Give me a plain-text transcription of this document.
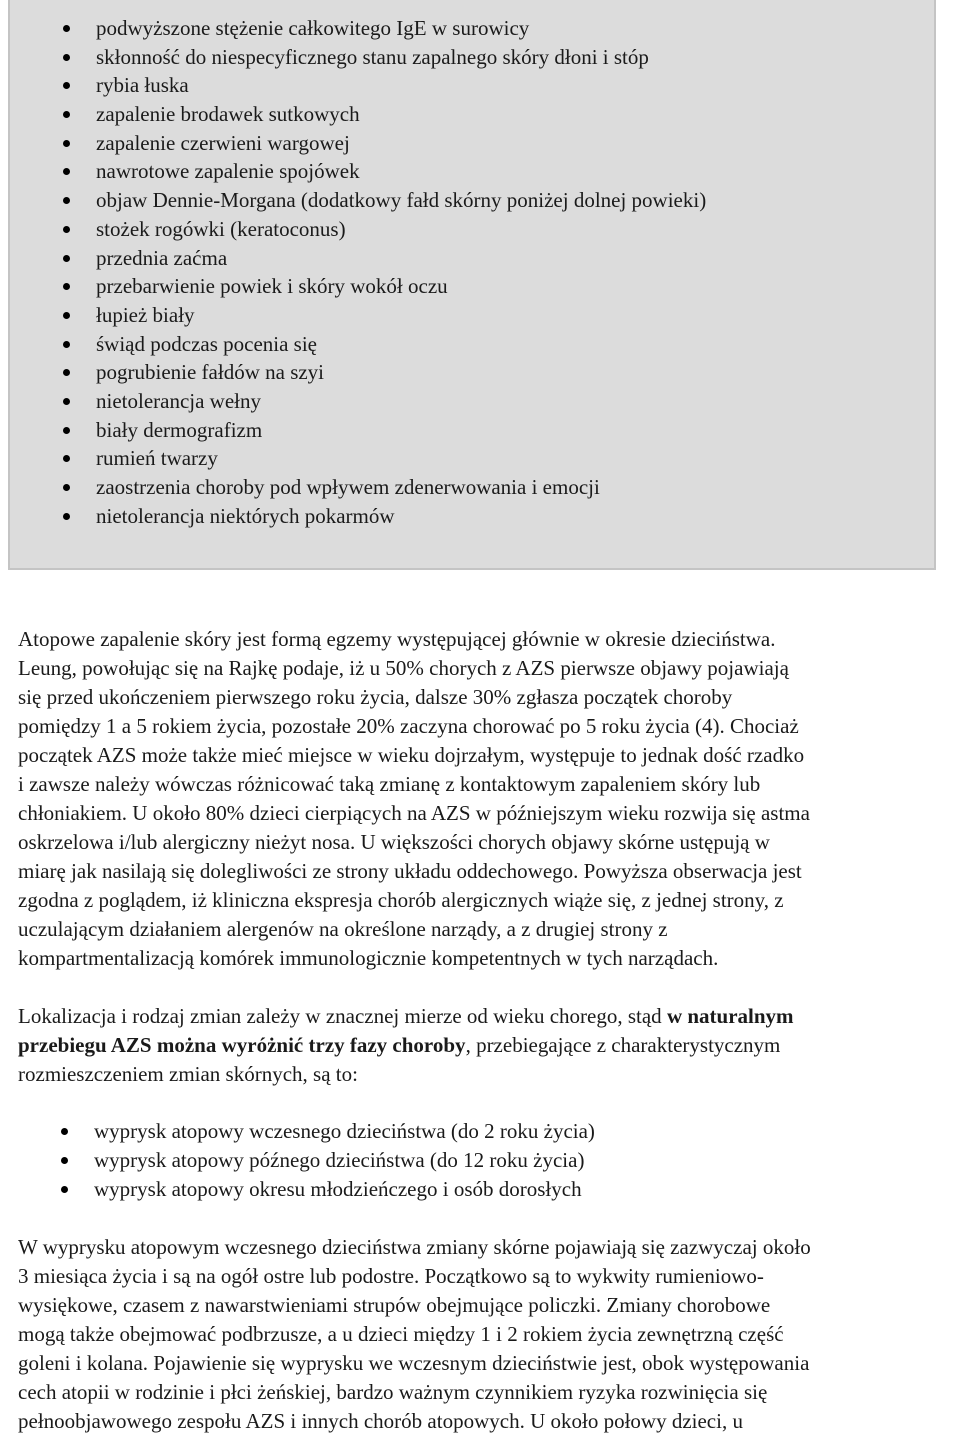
podwyższone stężenie całkowitego IgE w surowicy
skłonność do niespecyficznego stanu zapalnego skóry dłoni i stóp
rybia łuska
zapalenie brodawek sutkowych
zapalenie czerwieni wargowej
nawrotowe zapalenie spojówek
objaw Dennie-Morgana (dodatkowy fałd skórny poniżej dolnej powieki)
stożek rogówki (keratoconus)
przednia zaćma
przebarwienie powiek i skóry wokół oczu
łupież biały
świąd podczas pocenia się
pogrubienie fałdów na szyi
nietolerancja wełny
biały dermografizm
rumień twarzy
zaostrzenia choroby pod wpływem zdenerwowania i emocji
nietolerancja niektórych pokarmów

Atopowe zapalenie skóry jest formą egzemy występującej głównie w okresie dzieciństwa.
Leung, powołując się na Rajkę podaje, iż u 50% chorych z AZS pierwsze objawy pojawiają
się przed ukończeniem pierwszego roku życia, dalsze 30% zgłasza początek choroby
pomiędzy 1 a 5 rokiem życia, pozostałe 20% zaczyna chorować po 5 roku życia (4). Chociaż
początek AZS może także mieć miejsce w wieku dojrzałym, występuje to jednak dość rzadko
i zawsze należy wówczas różnicować taką zmianę z kontaktowym zapaleniem skóry lub
chłoniakiem. U około 80% dzieci cierpiących na AZS w późniejszym wieku rozwija się astma
oskrzelowa i/lub alergiczny nieżyt nosa. U większości chorych objawy skórne ustępują w
miarę jak nasilają się dolegliwości ze strony układu oddechowego. Powyższa obserwacja jest
zgodna z poglądem, iż kliniczna ekspresja chorób alergicznych wiąże się, z jednej strony, z
uczulającym działaniem alergenów na określone narządy, a z drugiej strony z
kompartmentalizacją komórek immunologicznie kompetentnych w tych narządach.

Lokalizacja i rodzaj zmian zależy w znacznej mierze od wieku chorego, stąd w naturalnym
przebiegu AZS można wyróżnić trzy fazy choroby, przebiegające z charakterystycznym
rozmieszczeniem zmian skórnych, są to:

wyprysk atopowy wczesnego dzieciństwa (do 2 roku życia)
wyprysk atopowy późnego dzieciństwa (do 12 roku życia)
wyprysk atopowy okresu młodzieńczego i osób dorosłych

W wyprysku atopowym wczesnego dzieciństwa zmiany skórne pojawiają się zazwyczaj około
3 miesiąca życia i są na ogół ostre lub podostre. Początkowo są to wykwity rumieniowo-
wysiękowe, czasem z nawarstwieniami strupów obejmujące policzki. Zmiany chorobowe
mogą także obejmować podbrzusze, a u dzieci między 1 i 2 rokiem życia zewnętrzną część
goleni i kolana. Pojawienie się wyprysku we wczesnym dzieciństwie jest, obok występowania
cech atopii w rodzinie i płci żeńskiej, bardzo ważnym czynnikiem ryzyka rozwinięcia się
pełnoobjawowego zespołu AZS i innych chorób atopowych. U około połowy dzieci, u
